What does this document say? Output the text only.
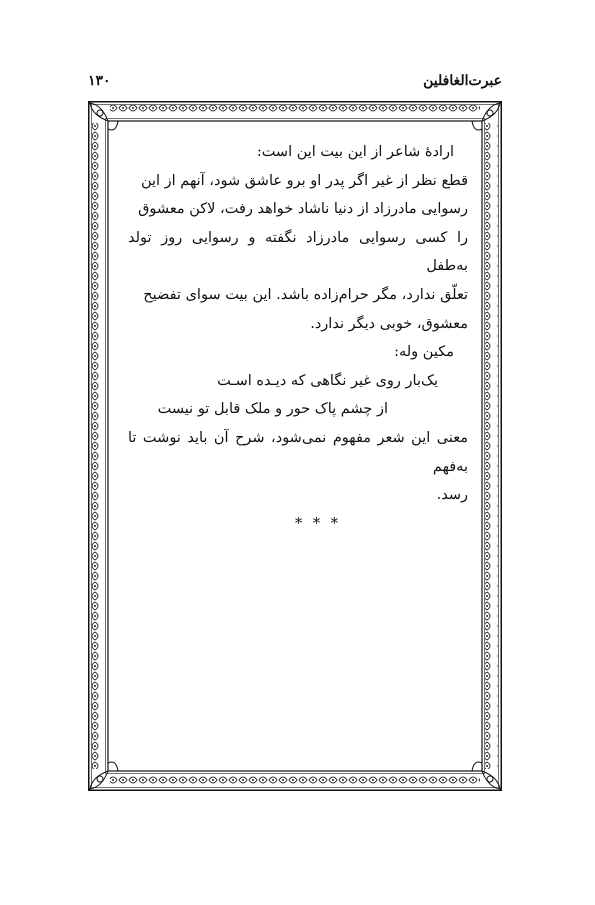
عبرت‌الغافلین
۱۳۰

ارادهٔ شاعر از این بیت این است:

قطع نظر از غیر اگر پدر او برو عاشق شود، آنهم از این

رسوایی مادرزاد از دنیا ناشاد خواهد رفت، لاکن معشوق

را کسی رسوایی مادرزاد نگفته و رسوایی روز تولد به‌طفل

تعلّق ندارد، مگر حرام‌زاده باشد. این بیت سوای تفضیح

معشوق، خوبی دیگر ندارد.

مکین وله:

یک‌بار روی غیر نگاهی که دیـده اسـت

از چشم پاک حور و ملک قابل تو نیست

معنی این شعر مفهوم نمی‌شود، شرح آن باید نوشت تا به‌فهم

رسد.

* * *
